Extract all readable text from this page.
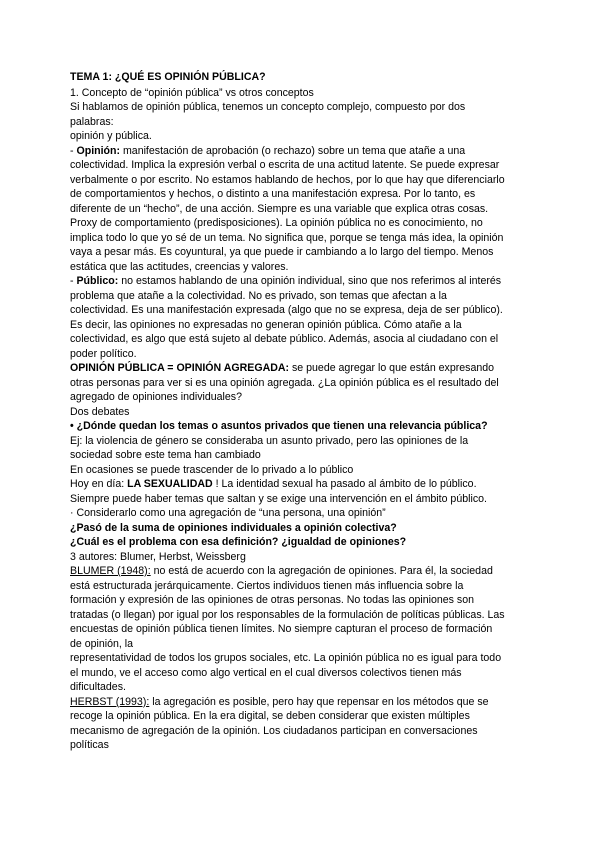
TEMA 1: ¿QUÉ ES OPINIÓN PÚBLICA?
1. Concepto de “opinión pública” vs otros conceptos
Si hablamos de opinión pública, tenemos un concepto complejo, compuesto por dos
palabras:
opinión y pública.
- Opinión: manifestación de aprobación (o rechazo) sobre un tema que atañe a una
colectividad. Implica la expresión verbal o escrita de una actitud latente. Se puede expresar
verbalmente o por escrito. No estamos hablando de hechos, por lo que hay que diferenciarlo
de comportamientos y hechos, o distinto a una manifestación expresa. Por lo tanto, es
diferente de un “hecho”, de una acción. Siempre es una variable que explica otras cosas.
Proxy de comportamiento (predisposiciones). La opinión pública no es conocimiento, no
implica todo lo que yo sé de un tema. No significa que, porque se tenga más idea, la opinión
vaya a pesar más. Es coyuntural, ya que puede ir cambiando a lo largo del tiempo. Menos
estática que las actitudes, creencias y valores.
- Público: no estamos hablando de una opinión individual, sino que nos referimos al interés
problema que atañe a la colectividad. No es privado, son temas que afectan a la
colectividad. Es una manifestación expresada (algo que no se expresa, deja de ser público).
Es decir, las opiniones no expresadas no generan opinión pública. Cómo atañe a la
colectividad, es algo que está sujeto al debate público. Además, asocia al ciudadano con el
poder político.
OPINIÓN PÚBLICA = OPINIÓN AGREGADA: se puede agregar lo que están expresando
otras personas para ver si es una opinión agregada. ¿La opinión pública es el resultado del
agregado de opiniones individuales?
Dos debates
• ¿Dónde quedan los temas o asuntos privados que tienen una relevancia pública?
Ej: la violencia de género se consideraba un asunto privado, pero las opiniones de la
sociedad sobre este tema han cambiado
En ocasiones se puede trascender de lo privado a lo público
Hoy en día: LA SEXUALIDAD ! La identidad sexual ha pasado al ámbito de lo público.
Siempre puede haber temas que saltan y se exige una intervención en el ámbito público.
· Considerarlo como una agregación de “una persona, una opinión”
¿Pasó de la suma de opiniones individuales a opinión colectiva?
¿Cuál es el problema con esa definición? ¿igualdad de opiniones?
3 autores: Blumer, Herbst, Weissberg
BLUMER (1948): no está de acuerdo con la agregación de opiniones. Para él, la sociedad
está estructurada jerárquicamente. Ciertos individuos tienen más influencia sobre la
formación y expresión de las opiniones de otras personas. No todas las opiniones son
tratadas (o llegan) por igual por los responsables de la formulación de políticas públicas. Las
encuestas de opinión pública tienen límites. No siempre capturan el proceso de formación
de opinión, la
representatividad de todos los grupos sociales, etc. La opinión pública no es igual para todo
el mundo, ve el acceso como algo vertical en el cual diversos colectivos tienen más
dificultades.
HERBST (1993): la agregación es posible, pero hay que repensar en los métodos que se
recoge la opinión pública. En la era digital, se deben considerar que existen múltiples
mecanismo de agregación de la opinión. Los ciudadanos participan en conversaciones
políticas
